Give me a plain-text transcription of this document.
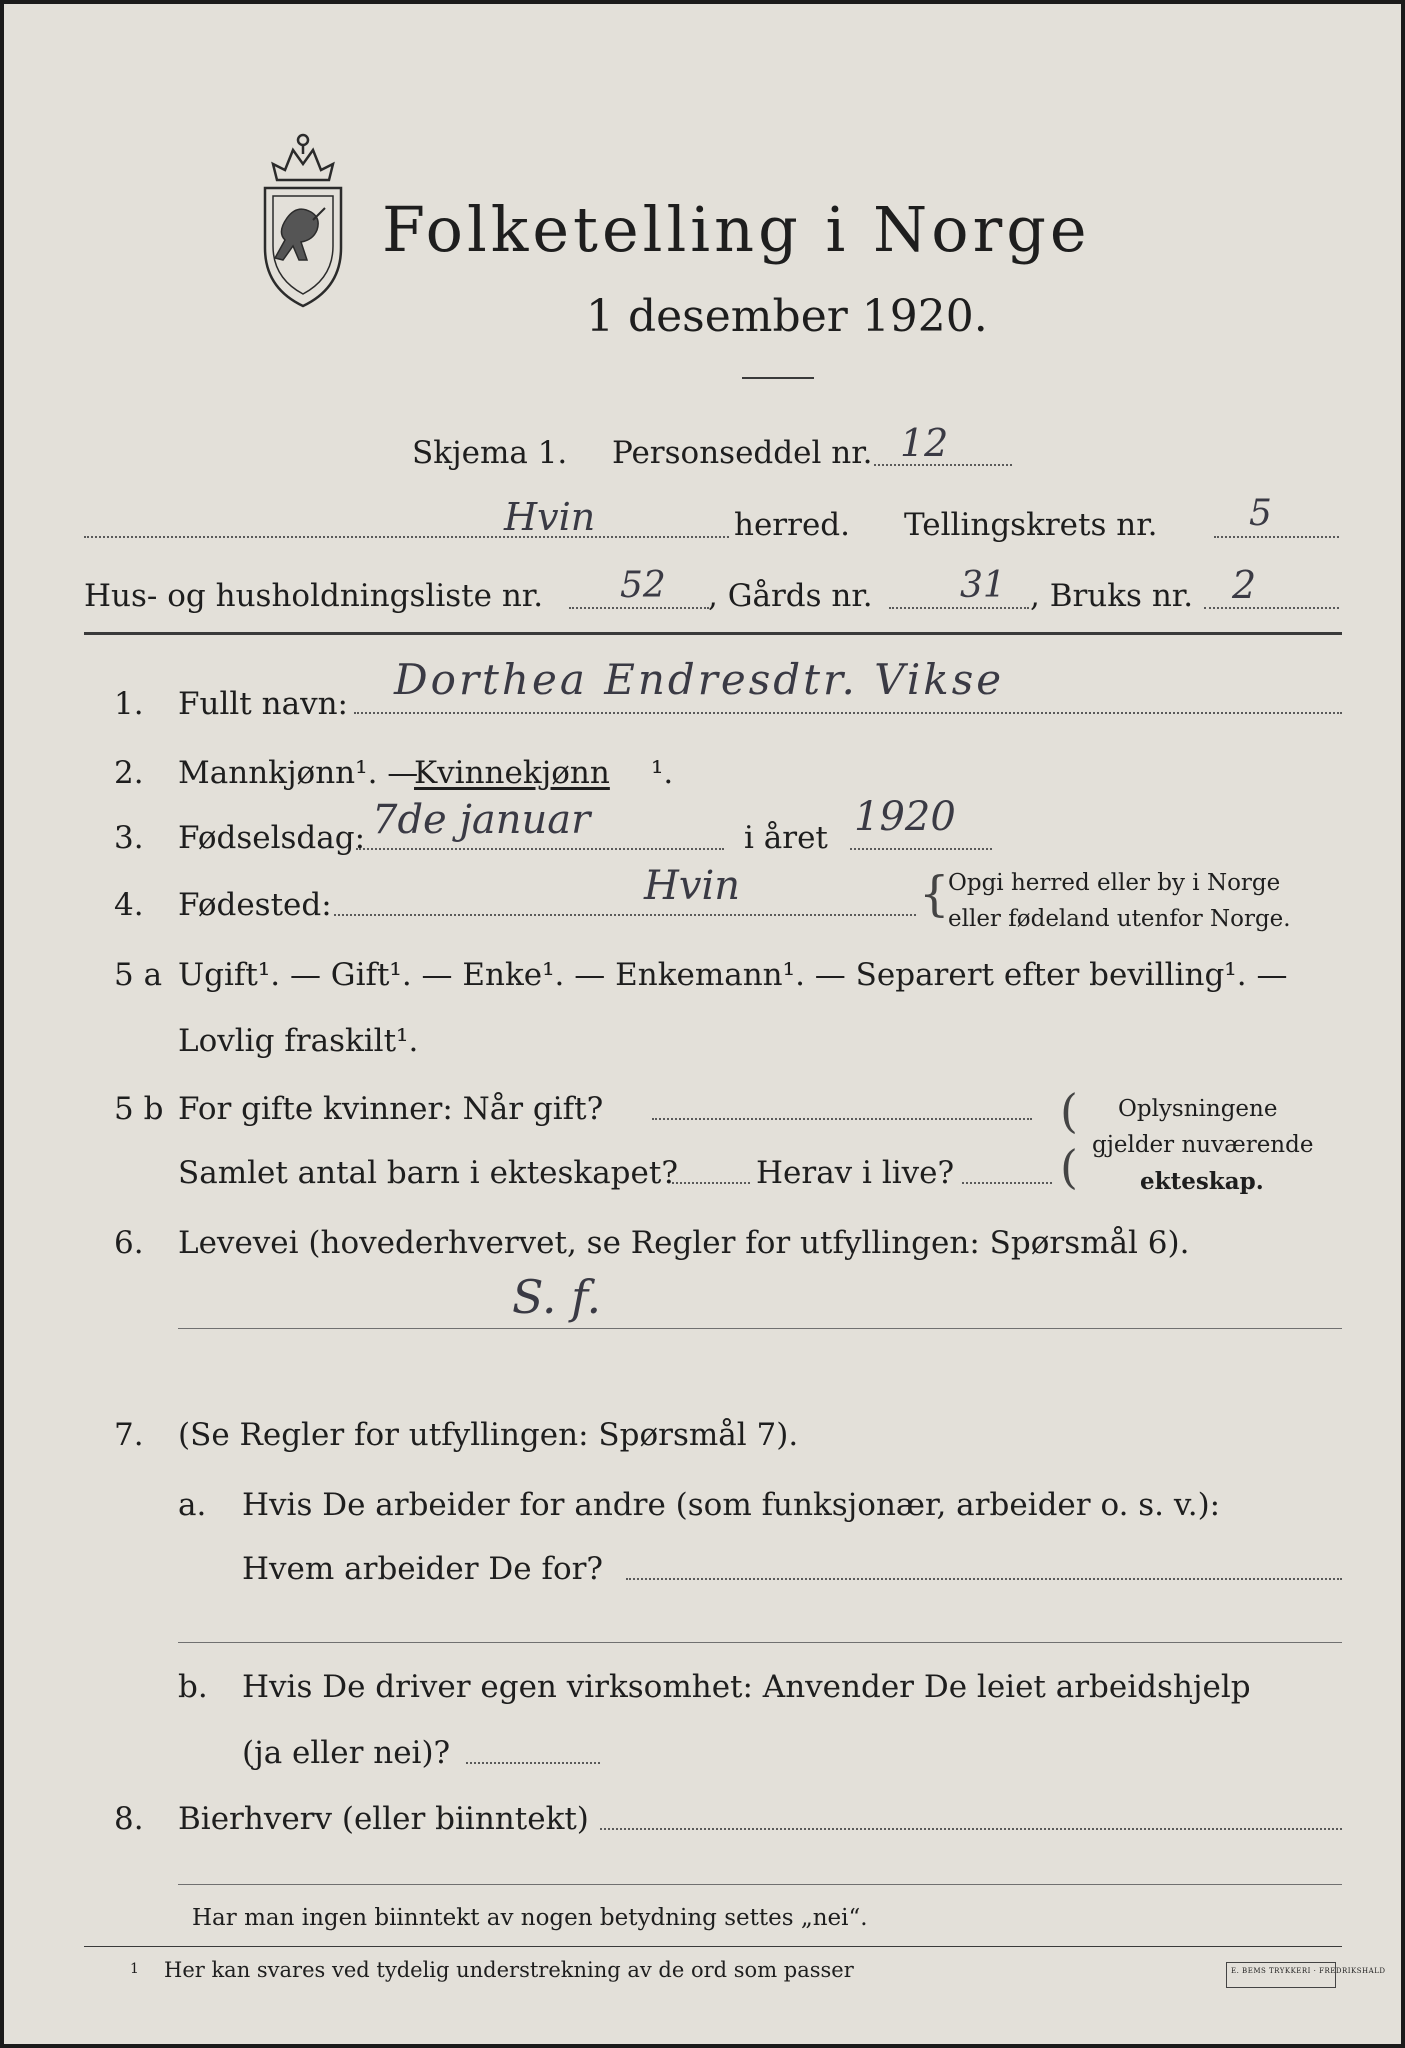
Folketelling i Norge
1 desember 1920.
Skjema 1. Personseddel nr. 12
Hvin	herred. Tellingskrets nr.	5
Hus- og husholdningsliste nr. 52 , Gårds nr. 31 , Bruks nr. 2
1. Fullt navn: Dorthea Endresdtr. Vikse
2. Mannkjønn¹. —
Kvinnekjønn ¹.
3. Fødselsdag: 7de januar	i året 1920
4. Fødested:	Hvin	{
Opgi herred eller by i Norge
eller fødeland utenfor Norge.
5 a Ugift¹. — Gift¹. — Enke¹. — Enkemann¹. — Separert efter bevilling¹. —
Lovlig fraskilt¹.
5 b For gifte kvinner: Når gift?
Samlet antal barn i ekteskapet?	Herav i live?
(
(
Oplysningene
gjelder nuværende
ekteskap.
6. Levevei (hovederhvervet, se Regler for utfyllingen: Spørsmål 6).
S. f.
7. (Se Regler for utfyllingen: Spørsmål 7).
a. Hvis De arbeider for andre (som funksjonær, arbeider o. s. v.):
Hvem arbeider De for?
b. Hvis De driver egen virksomhet: Anvender De leiet arbeidshjelp
(ja eller nei)?
8. Bierhverv (eller biinntekt)
Har man ingen biinntekt av nogen betydning settes „nei“.
1 Her kan svares ved tydelig understrekning av de ord som passer	E. BEMS TRYKKERI · FREDRIKSHALD
